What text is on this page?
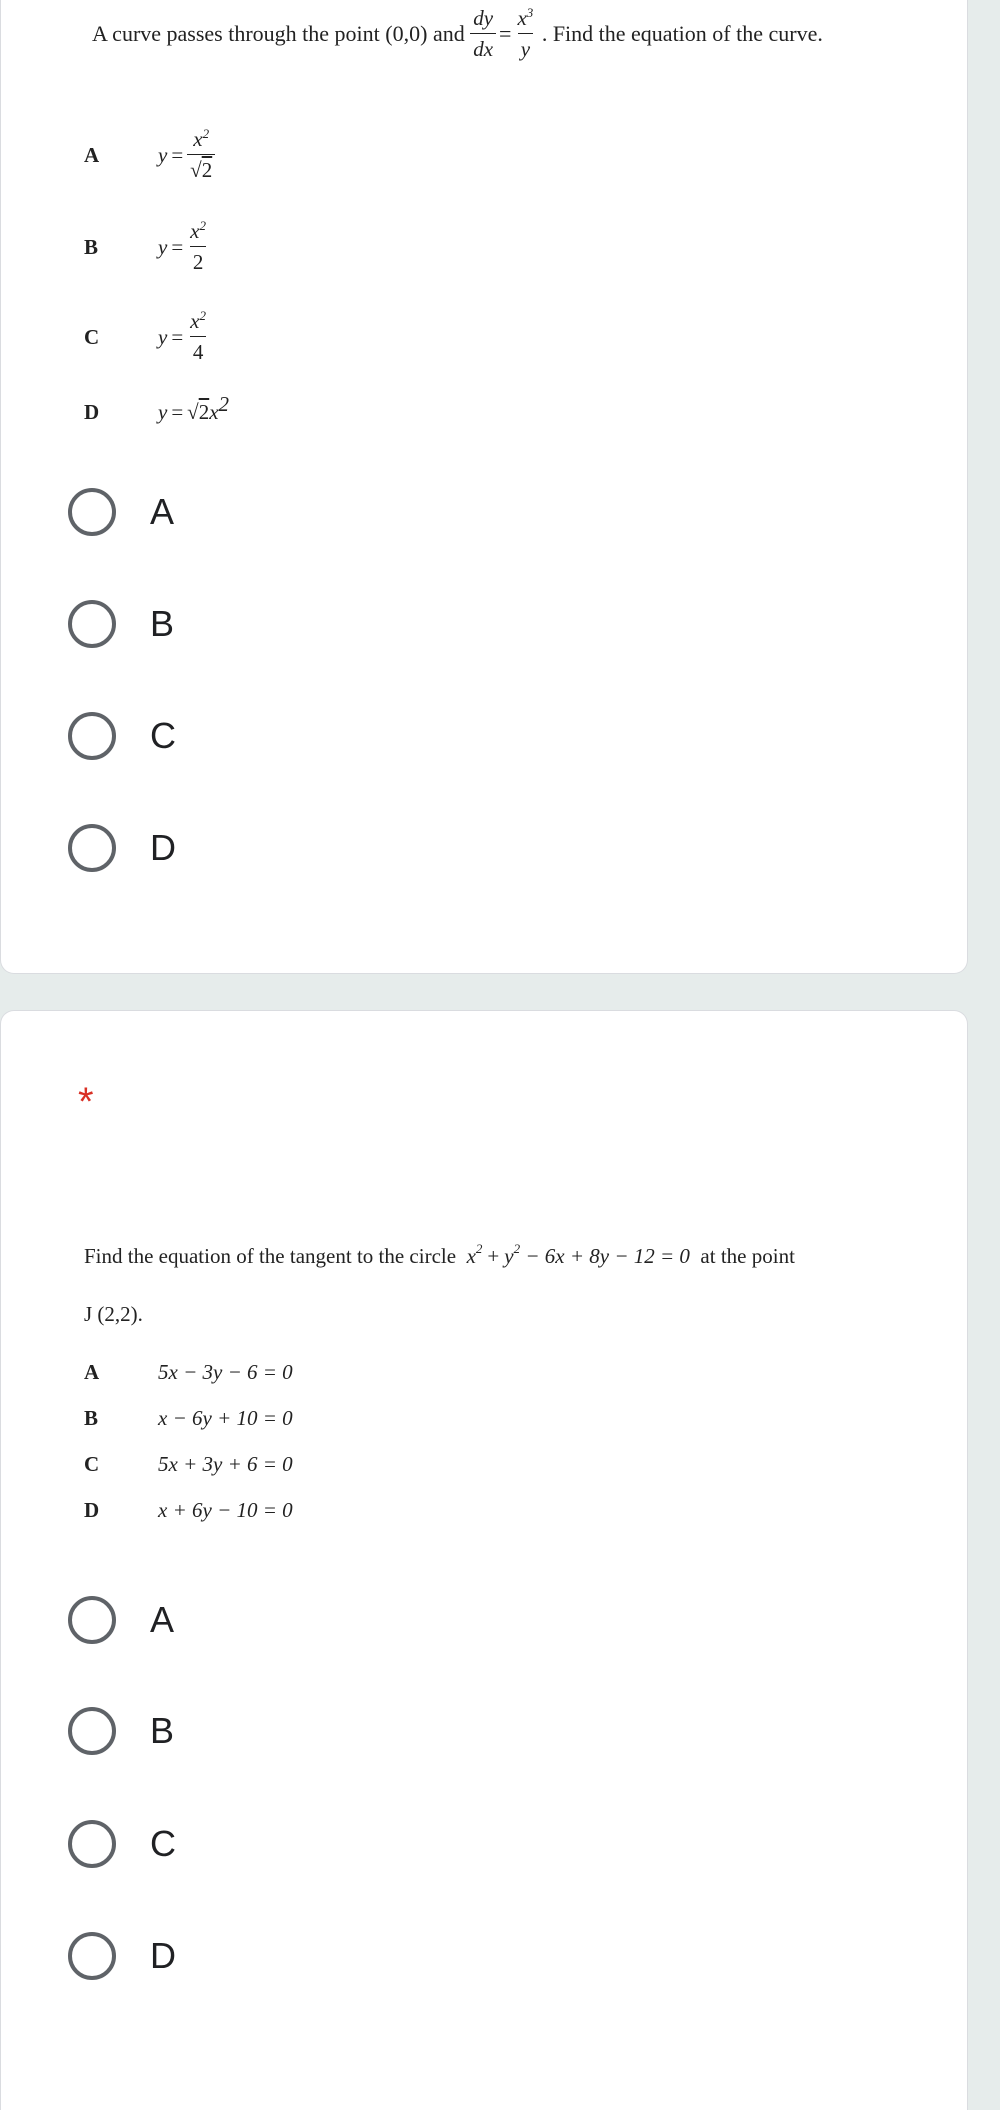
A curve passes through the point
(0,0)
and
$\frac{dy}{dx} = \frac{x^3}{y}$
. Find the equation of the curve.
A	$y = \frac{x^2}{√2}$
B	$y = \frac{x^2}{2}$
C	$y = \frac{x^2}{4}$
D	y = √ 2 x 2
A
B
C
D
*
Find the equation of the tangent to the circle
x 2 + y 2
− 6x + 8y − 12 = 0
at the point
J (2,2).
A	5x − 3y − 6 = 0
B	x − 6y + 10 = 0
C	5x + 3y + 6 = 0
D	x + 6y − 10 = 0
A
B
C
D
